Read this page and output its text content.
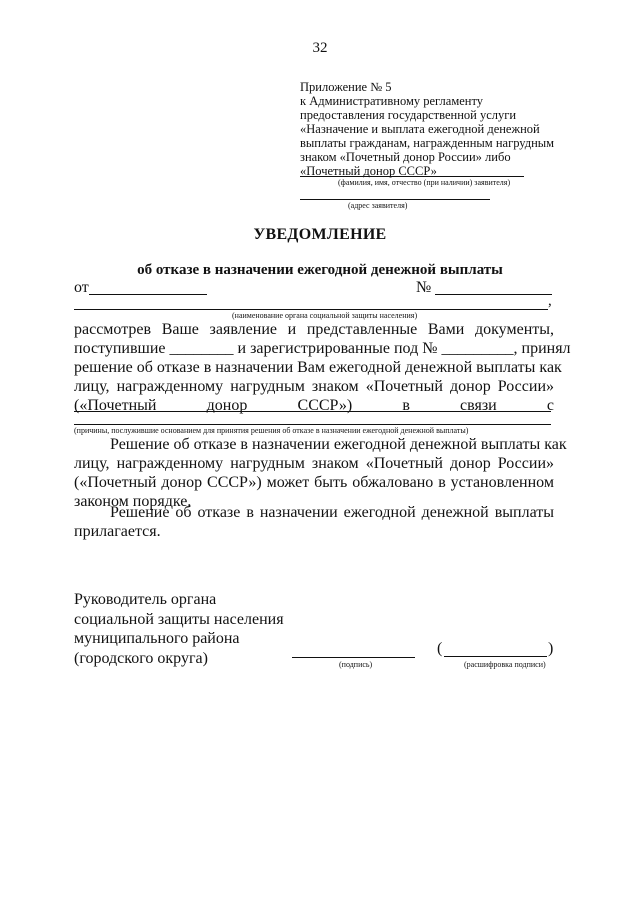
32
Приложение № 5
к Административному регламенту
предоставления государственной услуги
«Назначение и выплата ежегодной денежной
выплаты гражданам, награжденным нагрудным
знаком «Почетный донор России» либо
«Почетный донор СССР»
(фамилия, имя, отчество (при наличии) заявителя)
(адрес заявителя)
УВЕДОМЛЕНИЕ
об отказе в назначении ежегодной денежной выплаты
от	№
,
(наименование органа социальной защиты населения)
рассмотрев Ваше заявление и представленные Вами документы,
поступившие ________ и зарегистрированные под № _________, принял
решение об отказе в назначении Вам ежегодной денежной выплаты как
лицу, награжденному нагрудным знаком «Почетный донор России»
(«Почетный донор СССР») в связи с
(причины, послужившие основанием для принятия решения об отказе в назначении ежегодной денежной выплаты)
Решение об отказе в назначении ежегодной денежной выплаты как
лицу, награжденному нагрудным знаком «Почетный донор России»
(«Почетный донор СССР») может быть обжаловано в установленном
законом порядке.
Решение об отказе в назначении ежегодной денежной выплаты
прилагается.
Руководитель органа
социальной защиты населения
муниципального района
(городского округа)	(подпись)
(	)
(расшифровка подписи)
